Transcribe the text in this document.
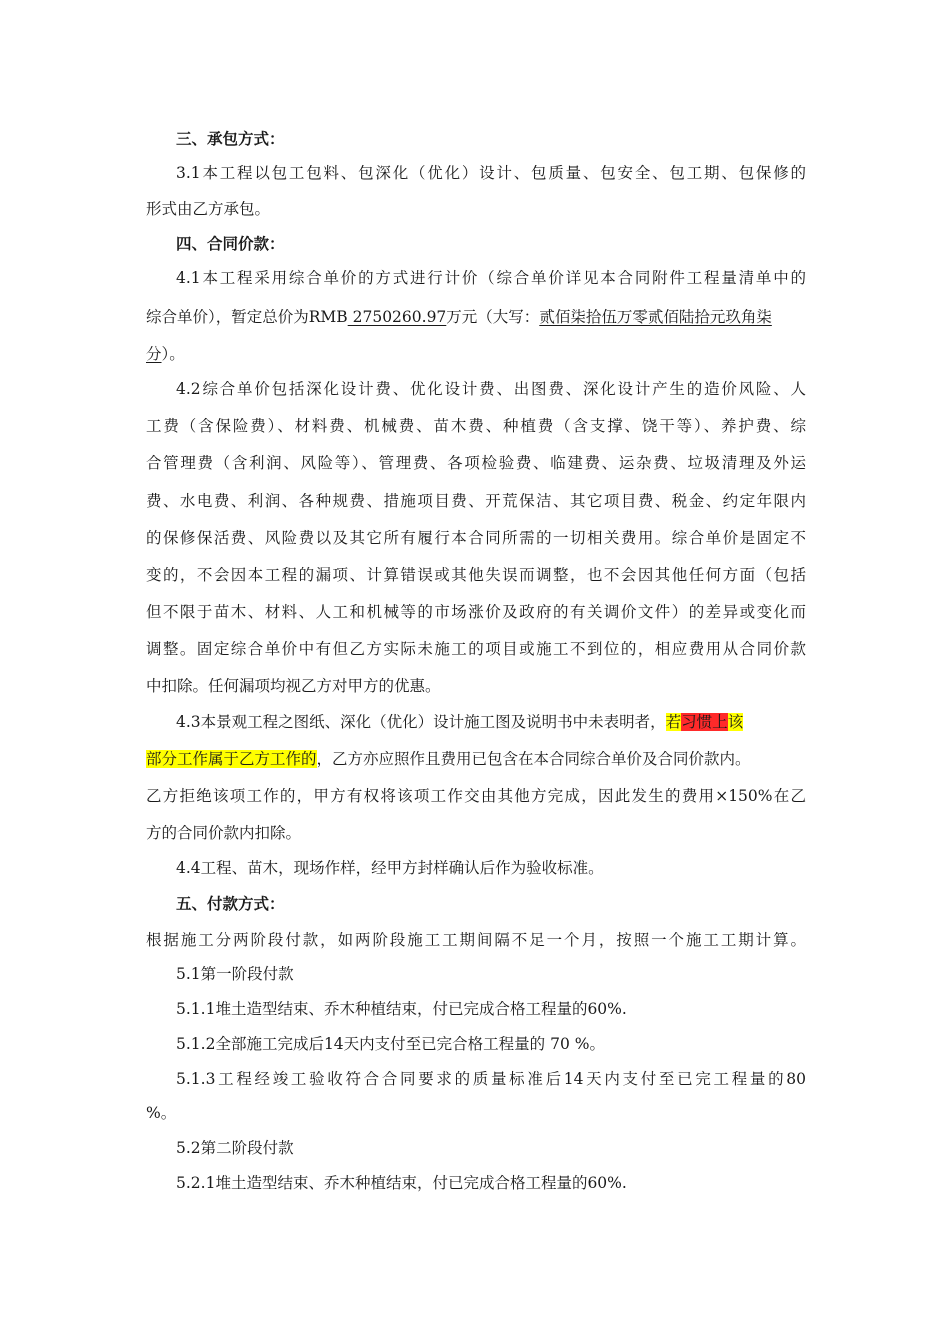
三、承包方式：
3.1本工程以包工包料、包深化（优化）设计、包质量、包安全、包工期、包保修的
形式由乙方承包。
四、合同价款：
4.1本工程采用综合单价的方式进行计价（综合单价详见本合同附件工程量清单中的
综合单价），暂定总价为RMB 2750260.97万元（大写：贰佰柒拾伍万零贰佰陆拾元玖角柒
分）。
4.2综合单价包括深化设计费、优化设计费、出图费、深化设计产生的造价风险、人
工费（含保险费）、材料费、机械费、苗木费、种植费（含支撑、饶干等）、养护费、综
合管理费（含利润、风险等）、管理费、各项检验费、临建费、运杂费、垃圾清理及外运
费、水电费、利润、各种规费、措施项目费、开荒保洁、其它项目费、税金、约定年限内
的保修保活费、风险费以及其它所有履行本合同所需的一切相关费用。综合单价是固定不
变的，不会因本工程的漏项、计算错误或其他失误而调整，也不会因其他任何方面（包括
但不限于苗木、材料、人工和机械等的市场涨价及政府的有关调价文件）的差异或变化而
调整。固定综合单价中有但乙方实际未施工的项目或施工不到位的，相应费用从合同价款
中扣除。任何漏项均视乙方对甲方的优惠。
4.3本景观工程之图纸、深化（优化）设计施工图及说明书中未表明者，若习惯上该
部分工作属于乙方工作的，乙方亦应照作且费用已包含在本合同综合单价及合同价款内。
乙方拒绝该项工作的，甲方有权将该项工作交由其他方完成，因此发生的费用×150%在乙
方的合同价款内扣除。
4.4工程、苗木，现场作样，经甲方封样确认后作为验收标准。
五、付款方式：
根据施工分两阶段付款，如两阶段施工工期间隔不足一个月，按照一个施工工期计算。
5.1第一阶段付款
5.1.1堆土造型结束、乔木种植结束，付已完成合格工程量的60%.
5.1.2全部施工完成后14天内支付至已完合格工程量的 70 %。
5.1.3工程经竣工验收符合合同要求的质量标准后14天内支付至已完工程量的80
%。
5.2第二阶段付款
5.2.1堆土造型结束、乔木种植结束，付已完成合格工程量的60%.
